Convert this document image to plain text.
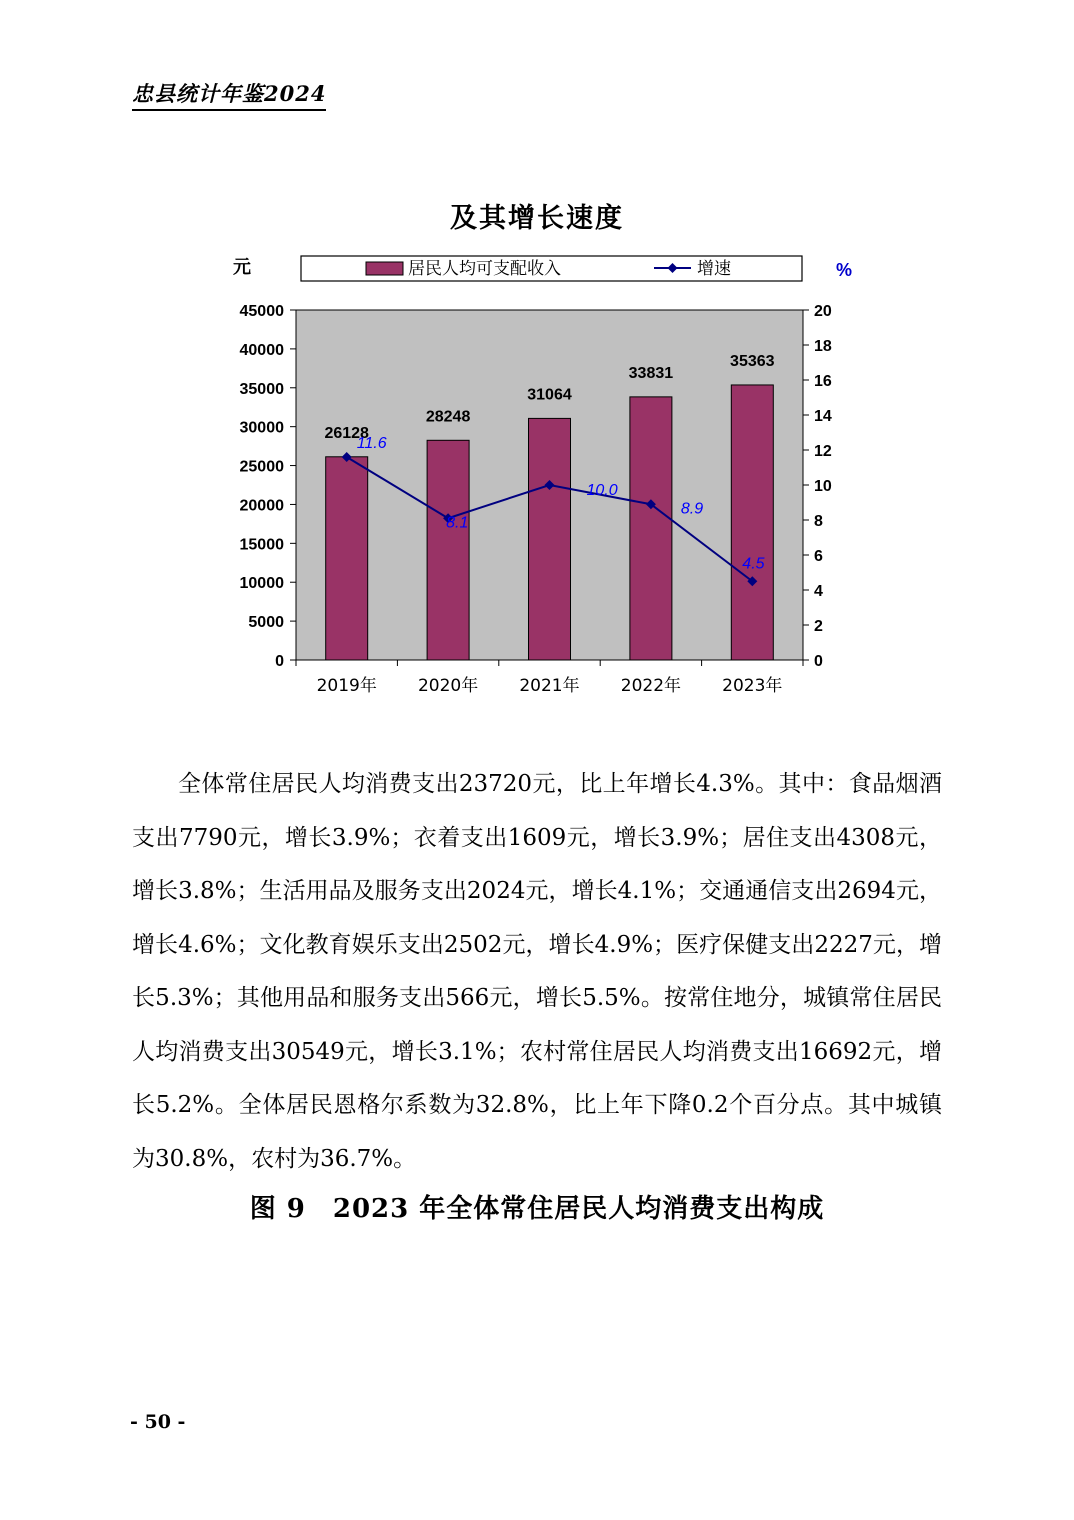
忠县统计年鉴2024
及其增长速度
0
5000
10000
15000
20000
25000
30000
35000
40000
45000
0
2
4
6
8
10
12
14
16
18
20
2019年 2020年 2021年 2022年 2023年
26128
28248
31064
33831
35363
11.6
8.1
10.0
8.9
4.5
元	%
居民人均可支配收入	增速

全体常住居民人均消费支出23720元，比上年增长4.3%。其中：食品烟酒支出7790元，增长3.9%；衣着支出1609元，增长3.9%；居住支出4308元，增长3.8%；生活用品及服务支出2024元，增长4.1%；交通通信支出2694元，增长4.6%；文化教育娱乐支出2502元，增长4.9%；医疗保健支出2227元，增长5.3%；其他用品和服务支出566元，增长5.5%。按常住地分，城镇常住居民人均消费支出30549元，增长3.1%；农村常住居民人均消费支出16692元，增长5.2%。全体居民恩格尔系数为32.8%，比上年下降0.2个百分点。其中城镇为30.8%，农村为36.7%。

图 9　2023 年全体常住居民人均消费支出构成
- 50 -
